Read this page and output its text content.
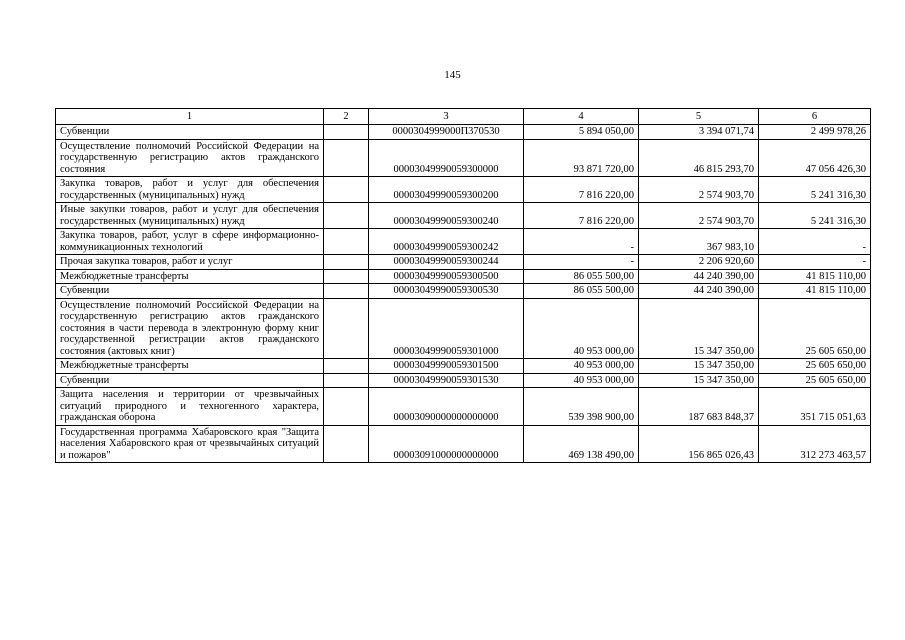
145
1	2	3	4	5	6
Субвенции		0000304999000П370530	5 894 050,00	3 394 071,74	2 499 978,26
Осуществление полномочий Российской Федерации на государственную регистрацию актов гражданского состояния		00003049990059300000	93 871 720,00	46 815 293,70	47 056 426,30
Закупка товаров, работ и услуг для обеспечения государственных (муниципальных) нужд		00003049990059300200	7 816 220,00	2 574 903,70	5 241 316,30
Иные закупки товаров, работ и услуг для обеспечения государственных (муниципальных) нужд		00003049990059300240	7 816 220,00	2 574 903,70	5 241 316,30
Закупка товаров, работ, услуг в сфере информационно-коммуникационных технологий		00003049990059300242	-	367 983,10	-
Прочая закупка товаров, работ и услуг		00003049990059300244	-	2 206 920,60	-
Межбюджетные трансферты		00003049990059300500	86 055 500,00	44 240 390,00	41 815 110,00
Субвенции		00003049990059300530	86 055 500,00	44 240 390,00	41 815 110,00
Осуществление полномочий Российской Федерации на государственную регистрацию актов гражданского состояния в части перевода в электронную форму книг государственной регистрации актов гражданского состояния (актовых книг)		00003049990059301000	40 953 000,00	15 347 350,00	25 605 650,00
Межбюджетные трансферты		00003049990059301500	40 953 000,00	15 347 350,00	25 605 650,00
Субвенции		00003049990059301530	40 953 000,00	15 347 350,00	25 605 650,00
Защита населения и территории от чрезвычайных ситуаций природного и техногенного характера, гражданская оборона		00003090000000000000	539 398 900,00	187 683 848,37	351 715 051,63
Государственная программа Хабаровского края "Защита населения Хабаровского края от чрезвычайных ситуаций и пожаров"		00003091000000000000	469 138 490,00	156 865 026,43	312 273 463,57
